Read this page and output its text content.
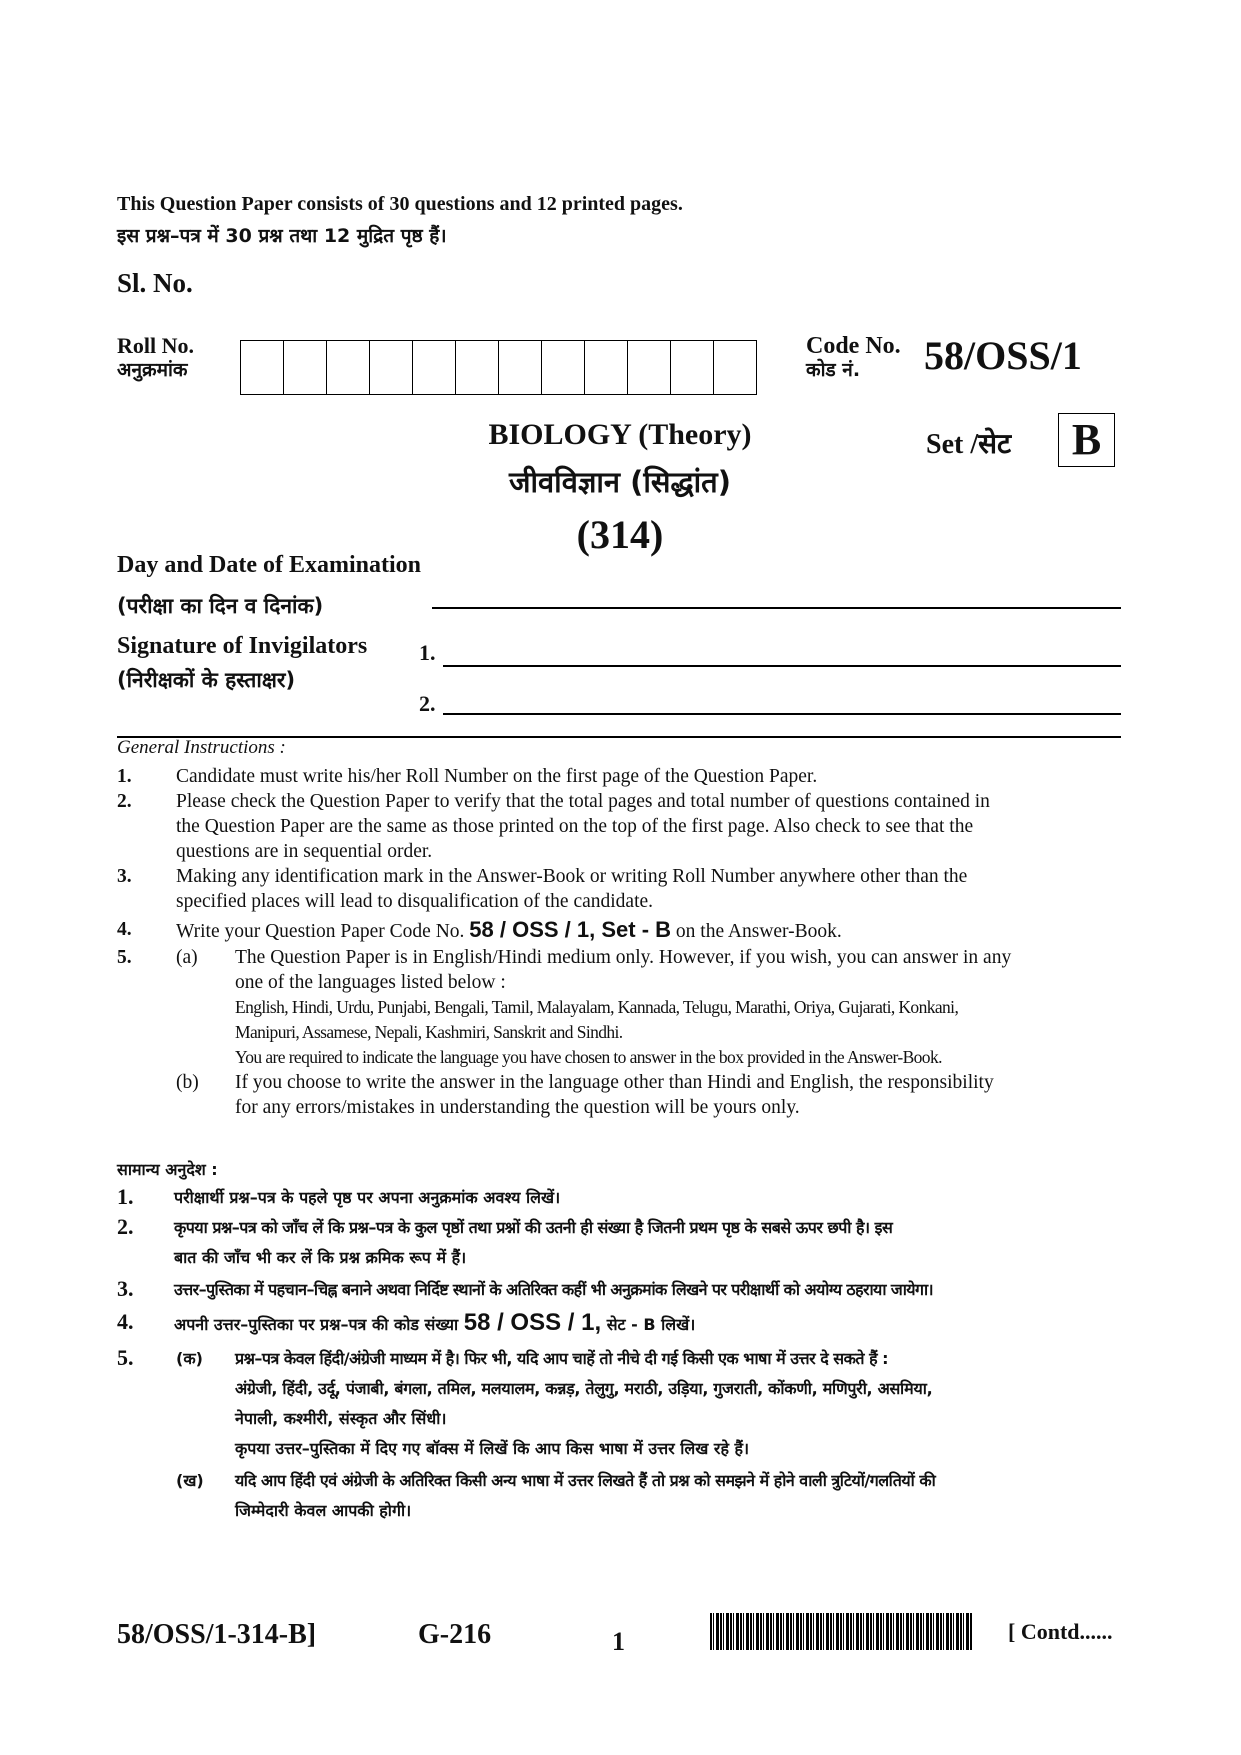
This Question Paper consists of 30 questions and 12 printed pages.
इस प्रश्न–पत्र में 30 प्रश्न तथा 12 मुद्रित पृष्ठ हैं।
Sl. No.
Roll No.
अनुक्रमांक
Code No.
कोड नं.	58/OSS/1
BIOLOGY (Theory)
जीवविज्ञान (सिद्धांत)
(314)
Set /सेट	B
Day and Date of Examination
(परीक्षा का दिन व दिनांक)
Signature of Invigilators
(निरीक्षकों के हस्ताक्षर)
1.
2.
General Instructions :
1. Candidate must write his/her Roll Number on the first page of the Question Paper.
2. Please check the Question Paper to verify that the total pages and total number of questions contained in
the Question Paper are the same as those printed on the top of the first page. Also check to see that the
questions are in sequential order.
3. Making any identification mark in the Answer-Book or writing Roll Number anywhere other than the
specified places will lead to disqualification of the candidate.
4. Write your Question Paper Code No. 58 / OSS / 1, Set - B on the Answer-Book.
5. (a) The Question Paper is in English/Hindi medium only. However, if you wish, you can answer in any
one of the languages listed below :
English, Hindi, Urdu, Punjabi, Bengali, Tamil, Malayalam, Kannada, Telugu, Marathi, Oriya, Gujarati, Konkani,
Manipuri, Assamese, Nepali, Kashmiri, Sanskrit and Sindhi.
You are required to indicate the language you have chosen to answer in the box provided in the Answer-Book.
(b) If you choose to write the answer in the language other than Hindi and English, the responsibility
for any errors/mistakes in understanding the question will be yours only.
सामान्य अनुदेश :
1.	परीक्षार्थी प्रश्न–पत्र के पहले पृष्ठ पर अपना अनुक्रमांक अवश्य लिखें।
2.	कृपया प्रश्न–पत्र को जाँच लें कि प्रश्न–पत्र के कुल पृष्ठों तथा प्रश्नों की उतनी ही संख्या है जितनी प्रथम पृष्ठ के सबसे ऊपर छपी है। इस
बात की जाँच भी कर लें कि प्रश्न क्रमिक रूप में हैं।
3.	उत्तर–पुस्तिका में पहचान–चिह्न बनाने अथवा निर्दिष्ट स्थानों के अतिरिक्त कहीं भी अनुक्रमांक लिखने पर परीक्षार्थी को अयोग्य ठहराया जायेगा।
4.	अपनी उत्तर–पुस्तिका पर प्रश्न–पत्र की कोड संख्या 58 / OSS / 1, सेट - B लिखें।
5.	(क) प्रश्न–पत्र केवल हिंदी/अंग्रेजी माध्यम में है। फिर भी, यदि आप चाहें तो नीचे दी गई किसी एक भाषा में उत्तर दे सकते हैं :
अंग्रेजी, हिंदी, उर्दू, पंजाबी, बंगला, तमिल, मलयालम, कन्नड़, तेलुगु, मराठी, उड़िया, गुजराती, कोंकणी, मणिपुरी, असमिया,
नेपाली, कश्मीरी, संस्कृत और सिंधी।
कृपया उत्तर–पुस्तिका में दिए गए बॉक्स में लिखें कि आप किस भाषा में उत्तर लिख रहे हैं।
(ख) यदि आप हिंदी एवं अंग्रेजी के अतिरिक्त किसी अन्य भाषा में उत्तर लिखते हैं तो प्रश्न को समझने में होने वाली त्रुटियों/गलतियों की
जिम्मेदारी केवल आपकी होगी।
58/OSS/1-314-B]	G-216	1	[ Contd......
